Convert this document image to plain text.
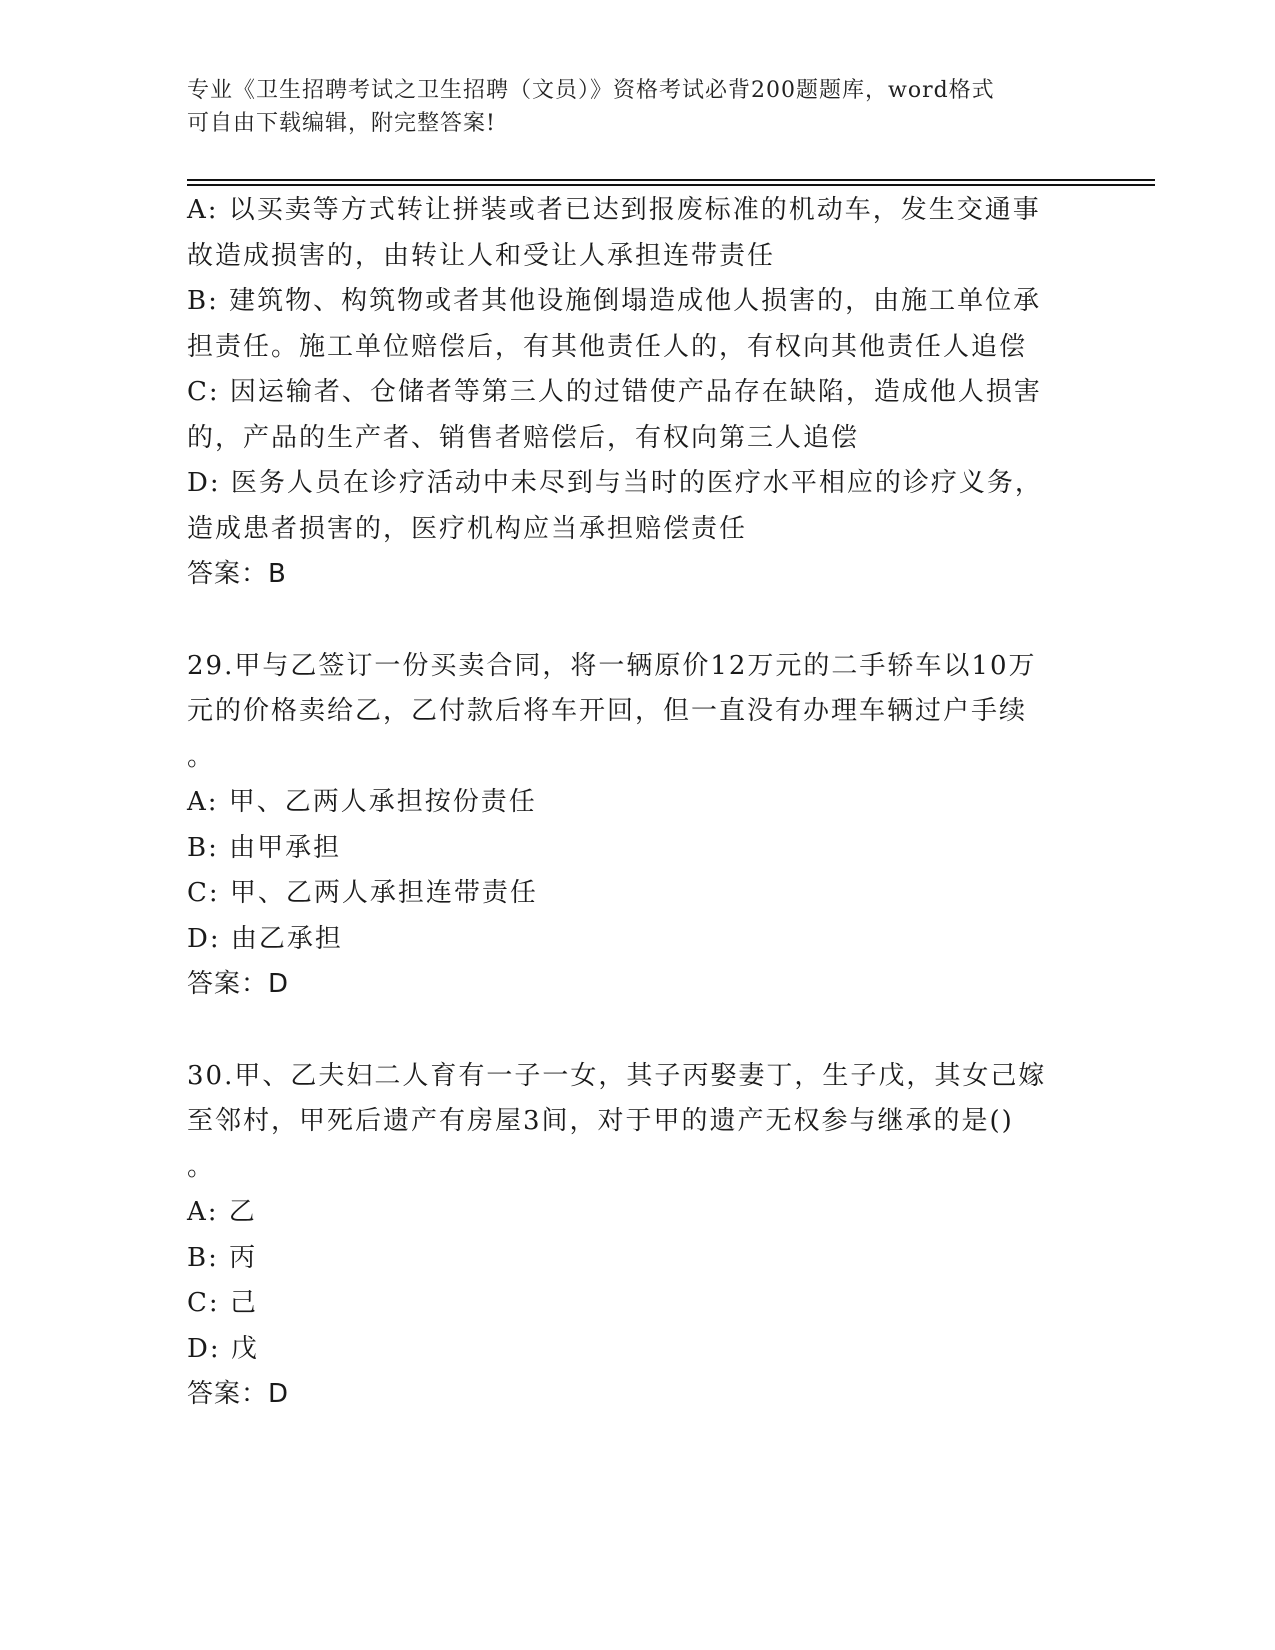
专业《卫生招聘考试之卫生招聘（文员）》资格考试必背200题题库，word格式
可自由下载编辑，附完整答案!
A: 以买卖等方式转让拼装或者已达到报废标准的机动车，发生交通事
故造成损害的，由转让人和受让人承担连带责任
B: 建筑物、构筑物或者其他设施倒塌造成他人损害的，由施工单位承
担责任。施工单位赔偿后，有其他责任人的，有权向其他责任人追偿
C: 因运输者、仓储者等第三人的过错使产品存在缺陷，造成他人损害
的，产品的生产者、销售者赔偿后，有权向第三人追偿
D: 医务人员在诊疗活动中未尽到与当时的医疗水平相应的诊疗义务，
造成患者损害的，医疗机构应当承担赔偿责任
答案：B
29.甲与乙签订一份买卖合同，将一辆原价12万元的二手轿车以10万
元的价格卖给乙，乙付款后将车开回，但一直没有办理车辆过户手续
。
A: 甲、乙两人承担按份责任
B: 由甲承担
C: 甲、乙两人承担连带责任
D: 由乙承担
答案：D
30.甲、乙夫妇二人育有一子一女，其子丙娶妻丁，生子戊，其女己嫁
至邻村，甲死后遗产有房屋3间，对于甲的遗产无权参与继承的是()
。
A: 乙
B: 丙
C: 己
D: 戊
答案：D
